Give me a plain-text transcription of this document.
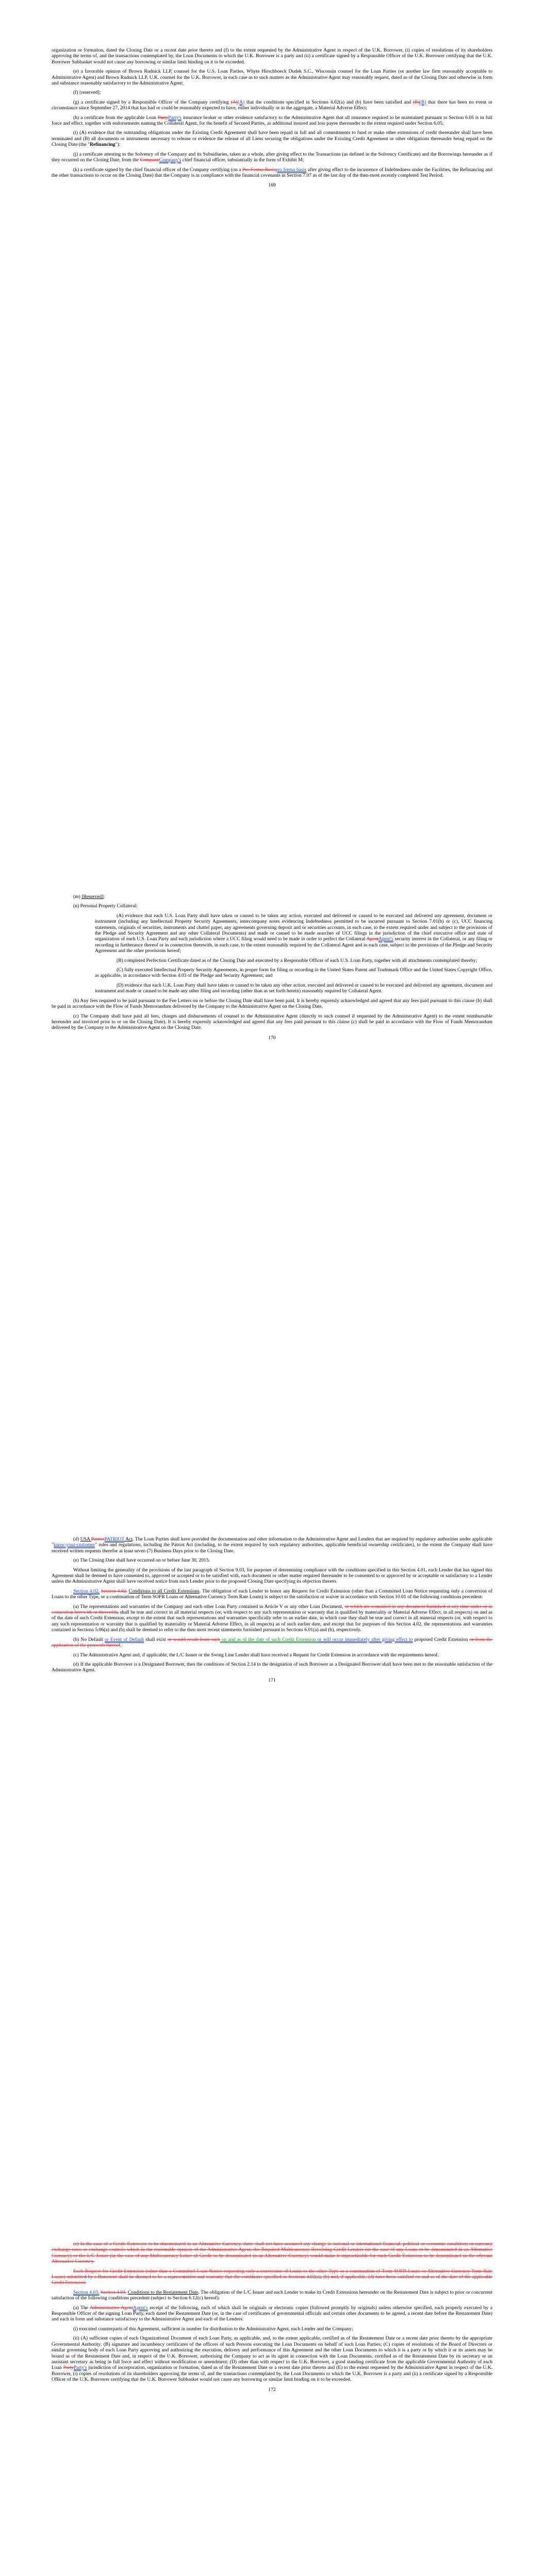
organization or formation, dated the Closing Date or a recent date prior thereto and (f) to the extent requested by the Administrative Agent in respect of the U.K. Borrower, (i) copies of resolutions of its shareholders approving the terms of, and the transactions contemplated by, the Loan Documents to which the U.K. Borrower is a party and (ii) a certificate signed by a Responsible Officer of the U.K. Borrower certifying that the U.K. Borrower Subbasket would not cause any borrowing or similar limit binding on it to be exceeded.

(e) a favorable opinion of Brown Rudnick LLP, counsel for the U.S. Loan Parties, Whyte Hirschboeck Dudek S.C., Wisconsin counsel for the Loan Parties (or another law firm reasonably acceptable to Administrative Agent) and Brown Rudnick LLP, U.K. counsel for the U.K. Borrower, in each case as to such matters as the Administrative Agent may reasonably request, dated as of the Closing Date and otherwise in form and substance reasonably satisfactory to the Administrative Agent;

(f) [reserved];

(g) a certificate signed by a Responsible Officer of the Company certifying (A)(A) that the conditions specified in Sections 4.02(a) and (b) have been satisfied and (B)(B) that there has been no event or circumstance since September 27, 2014 that has had or could be reasonably expected to have, either individually or in the aggregate, a Material Adverse Effect;

(h) a certificate from the applicable Loan PartyParty's insurance broker or other evidence satisfactory to the Administrative Agent that all insurance required to be maintained pursuant to Section 6.05 is in full force and effect, together with endorsements naming the Collateral Agent, for the benefit of Secured Parties, as additional insured and loss payee thereunder to the extent required under Section 6.05;

(i) (A) evidence that the outstanding obligations under the Existing Credit Agreement shall have been repaid in full and all commitments to fund or make other extensions of credit thereunder shall have been terminated and (B) all documents or instruments necessary to release or evidence the release of all Liens securing the obligations under the Existing Credit Agreement or other obligations thereunder being repaid on the Closing Date (the "Refinancing");

(j) a certificate attesting to the Solvency of the Company and its Subsidiaries, taken as a whole, after giving effect to the Transactions (as defined in the Solvency Certificate) and the Borrowings hereunder as if they occurred on the Closing Date, from the CompanyCompany's chief financial officer, substantially in the form of Exhibit M;

(k) a certificate signed by the chief financial officer of the Company certifying (on a Pro Forma Basispro forma basis after giving effect to the incurrence of Indebtedness under the Facilities, the Refinancing and the other transactions to occur on the Closing Date) that the Company is in compliance with the financial covenants in Section 7.07 as of the last day of the then-most recently completed Test Period.

169

(m) [Reserved];

(n) Personal Property Collateral:

(A) evidence that each U.S. Loan Party shall have taken or caused to be taken any action, executed and delivered or caused to be executed and delivered any agreement, document or instrument (including any Intellectual Property Security Agreements, intercompany notes evidencing Indebtedness permitted to be incurred pursuant to Section 7.01(b) or (c), UCC financing statements, originals of securities, instruments and chattel paper, any agreements governing deposit and or securities accounts, in each case, to the extent required under and subject to the provisions of the Pledge and Security Agreement and any other Collateral Documents) and made or caused to be made searches of UCC filings in the jurisdiction of the chief executive office and state of organization of each U.S. Loan Party and each jurisdiction where a UCC filing would need to be made in order to perfect the Collateral AgentAgent's security interest in the Collateral, or any filing or recording in furtherance thereof or in connection therewith, in each case, to the extent reasonably required by the Collateral Agent and in each case, subject to the provisions of the Pledge and Security Agreement and the other provisions hereof;

(B) completed Perfection Certificate dated as of the Closing Date and executed by a Responsible Officer of each U.S. Loan Party, together with all attachments contemplated thereby;

(C) fully executed Intellectual Property Security Agreements, in proper form for filing or recording in the United States Patent and Trademark Office and the United States Copyright Office, as applicable, in accordance with Section 4.03 of the Pledge and Security Agreement; and

(D) evidence that each U.K. Loan Party shall have taken or caused to be taken any other action, executed and delivered or caused to be executed and delivered any agreement, document and instrument and made or caused to be made any other filing and recording (other than as set forth herein) reasonably required by Collateral Agent.

(b) Any fees required to be paid pursuant to the Fee Letters on or before the Closing Date shall have been paid. It is hereby expressly acknowledged and agreed that any fees paid pursuant to this clause (b) shall be paid in accordance with the Flow of Funds Memorandum delivered by the Company to the Administrative Agent on the Closing Date.

(c) The Company shall have paid all fees, charges and disbursements of counsel to the Administrative Agent (directly to such counsel if requested by the Administrative Agent) to the extent reimbursable hereunder and invoiced prior to or on the Closing Date). It is hereby expressly acknowledged and agreed that any fees paid pursuant to this clause (c) shall be paid in accordance with the Flow of Funds Memorandum delivered by the Company to the Administrative Agent on the Closing Date.

170

(d) USA PatriotPATRIOT Act. The Loan Parties shall have provided the documentation and other information to the Administrative Agent and Lenders that are required by regulatory authorities under applicable "know-your-customer" rules and regulations, including the Patriot Act (including, to the extent required by such regulatory authorities, applicable beneficial ownership certificates), to the extent the Company shall have received written requests therefor at least seven (7) Business Days prior to the Closing Date.

(e) The Closing Date shall have occurred on or before June 30, 2015.

Without limiting the generality of the provisions of the last paragraph of Section 9.03, for purposes of determining compliance with the conditions specified in this Section 4.01, each Lender that has signed this Agreement shall be deemed to have consented to, approved or accepted or to be satisfied with, each document or other matter required thereunder to be consented to or approved by or acceptable or satisfactory to a Lender unless the Administrative Agent shall have received notice from such Lender prior to the proposed Closing Date specifying its objection thereto.

Section 4.02. Section 4.02. Conditions to all Credit Extensions. The obligation of each Lender to honor any Request for Credit Extension (other than a Committed Loan Notice requesting only a conversion of Loans to the other Type, or a continuation of Term SOFR Loans or Alternative Currency Term Rate Loans) is subject to the satisfaction or waiver in accordance with Section 10.01 of the following conditions precedent:

(a) The representations and warranties of the Company and each other Loan Party contained in Article V or any other Loan Document, or which are contained in any document furnished at any time under or in connection herewith or therewith, shall be true and correct in all material respects (or, with respect to any such representation or warranty that is qualified by materiality or Material Adverse Effect, in all respects) on and as of the date of such Credit Extension, except to the extent that such representations and warranties specifically refer to an earlier date, in which case they shall be true and correct in all material respects (or, with respect to any such representation or warranty that is qualified by materiality or Material Adverse Effect, in all respects) as of such earlier date, and except that for purposes of this Section 4.02, the representations and warranties contained in Sections 5.06(a) and (b) shall be deemed to refer to the then most recent statements furnished pursuant to Sections 6.01(a) and (b), respectively.

(b) No Default or Event of Default shall exist or would result from such on and as of the date of such Credit Extension or will occur immediately after giving effect to proposed Credit Extension or from the application of the proceeds thereof.

(c) The Administrative Agent and, if applicable, the L/C Issuer or the Swing Line Lender shall have received a Request for Credit Extension in accordance with the requirements hereof.

(d) If the applicable Borrower is a Designated Borrower, then the conditions of Section 2.14 to the designation of such Borrower as a Designated Borrower shall have been met to the reasonable satisfaction of the Administrative Agent.

171

(e) In the case of a Credit Extension to be denominated in an Alternative Currency, there shall not have occurred any change in national or international financial, political or economic conditions or currency exchange rates or exchange controls which in the reasonable opinion of the Administrative Agent, the Required Multicurrency Revolving Credit Lenders (in the case of any Loans to be denominated in an Alternative Currency) or the L/C Issuer (in the case of any Multicurrency Letter of Credit to be denominated in an Alternative Currency) would make it impracticable for such Credit Extension to be denominated in the relevant Alternative Currency.

Each Request for Credit Extension (other than a Committed Loan Notice requesting only a conversion of Loans to the other Type or a continuation of Term SOFR Loans or Alternative Currency Term Rate Loans) submitted by a Borrower shall be deemed to be a representation and warranty that the conditions specified in Sections 4.02(a), (b) and, if applicable, (d) have been satisfied on and as of the date of the applicable Credit Extension.

Section 4.03. Section 4.03. Conditions to the Restatement Date. The obligation of the L/C Issuer and each Lender to make its Credit Extensions hereunder on the Restatement Date is subject to prior or concurrent satisfaction of the following conditions precedent (subject to Section 6.12(c) hereof):

(a) The Administrative AgentAgent's receipt of the following, each of which shall be originals or electronic copies (followed promptly by originals) unless otherwise specified, each properly executed by a Responsible Officer of the signing Loan Party, each dated the Restatement Date (or, in the case of certificates of governmental officials and certain other documents to be agreed, a recent date before the Restatement Date) and each in form and substance satisfactory to the Administrative Agent and each of the Lenders:

(i) executed counterparts of this Agreement, sufficient in number for distribution to the Administrative Agent, each Lender and the Company;

(ii) (A) sufficient copies of each Organizational Document of each Loan Party, as applicable, and, to the extent applicable, certified as of the Restatement Date or a recent date prior thereto by the appropriate Governmental Authority; (B) signature and incumbency certificates of the officers of such Persons executing the Loan Documents on behalf of such Loan Parties; (C) copies of resolutions of the Board of Directors or similar governing body of each Loan Party approving and authorizing the execution, delivery and performance of this Agreement and the other Loan Documents to which it is a party or by which it or its assets may be bound as of the Restatement Date and, in respect of the U.K. Borrower, authorising the Company to act as its agent in connection with the Loan Documents, certified as of the Restatement Date by its secretary or an assistant secretary as being in full force and effect without modification or amendment; (D) other than with respect to the U.K. Borrower, a good standing certificate from the applicable Governmental Authority of each Loan PartyParty's jurisdiction of incorporation, organization or formation, dated as of the Restatement Date or a recent date prior thereto and (E) to the extent requested by the Administrative Agent in respect of the U.K. Borrower, (i) copies of resolutions of its shareholders approving the terms of, and the transactions contemplated by, the Loan Documents to which the U.K. Borrower is a party and (ii) a certificate signed by a Responsible Officer of the U.K. Borrower certifying that the U.K. Borrower Subbasket would not cause any borrowing or similar limit binding on it to be exceeded.

172
